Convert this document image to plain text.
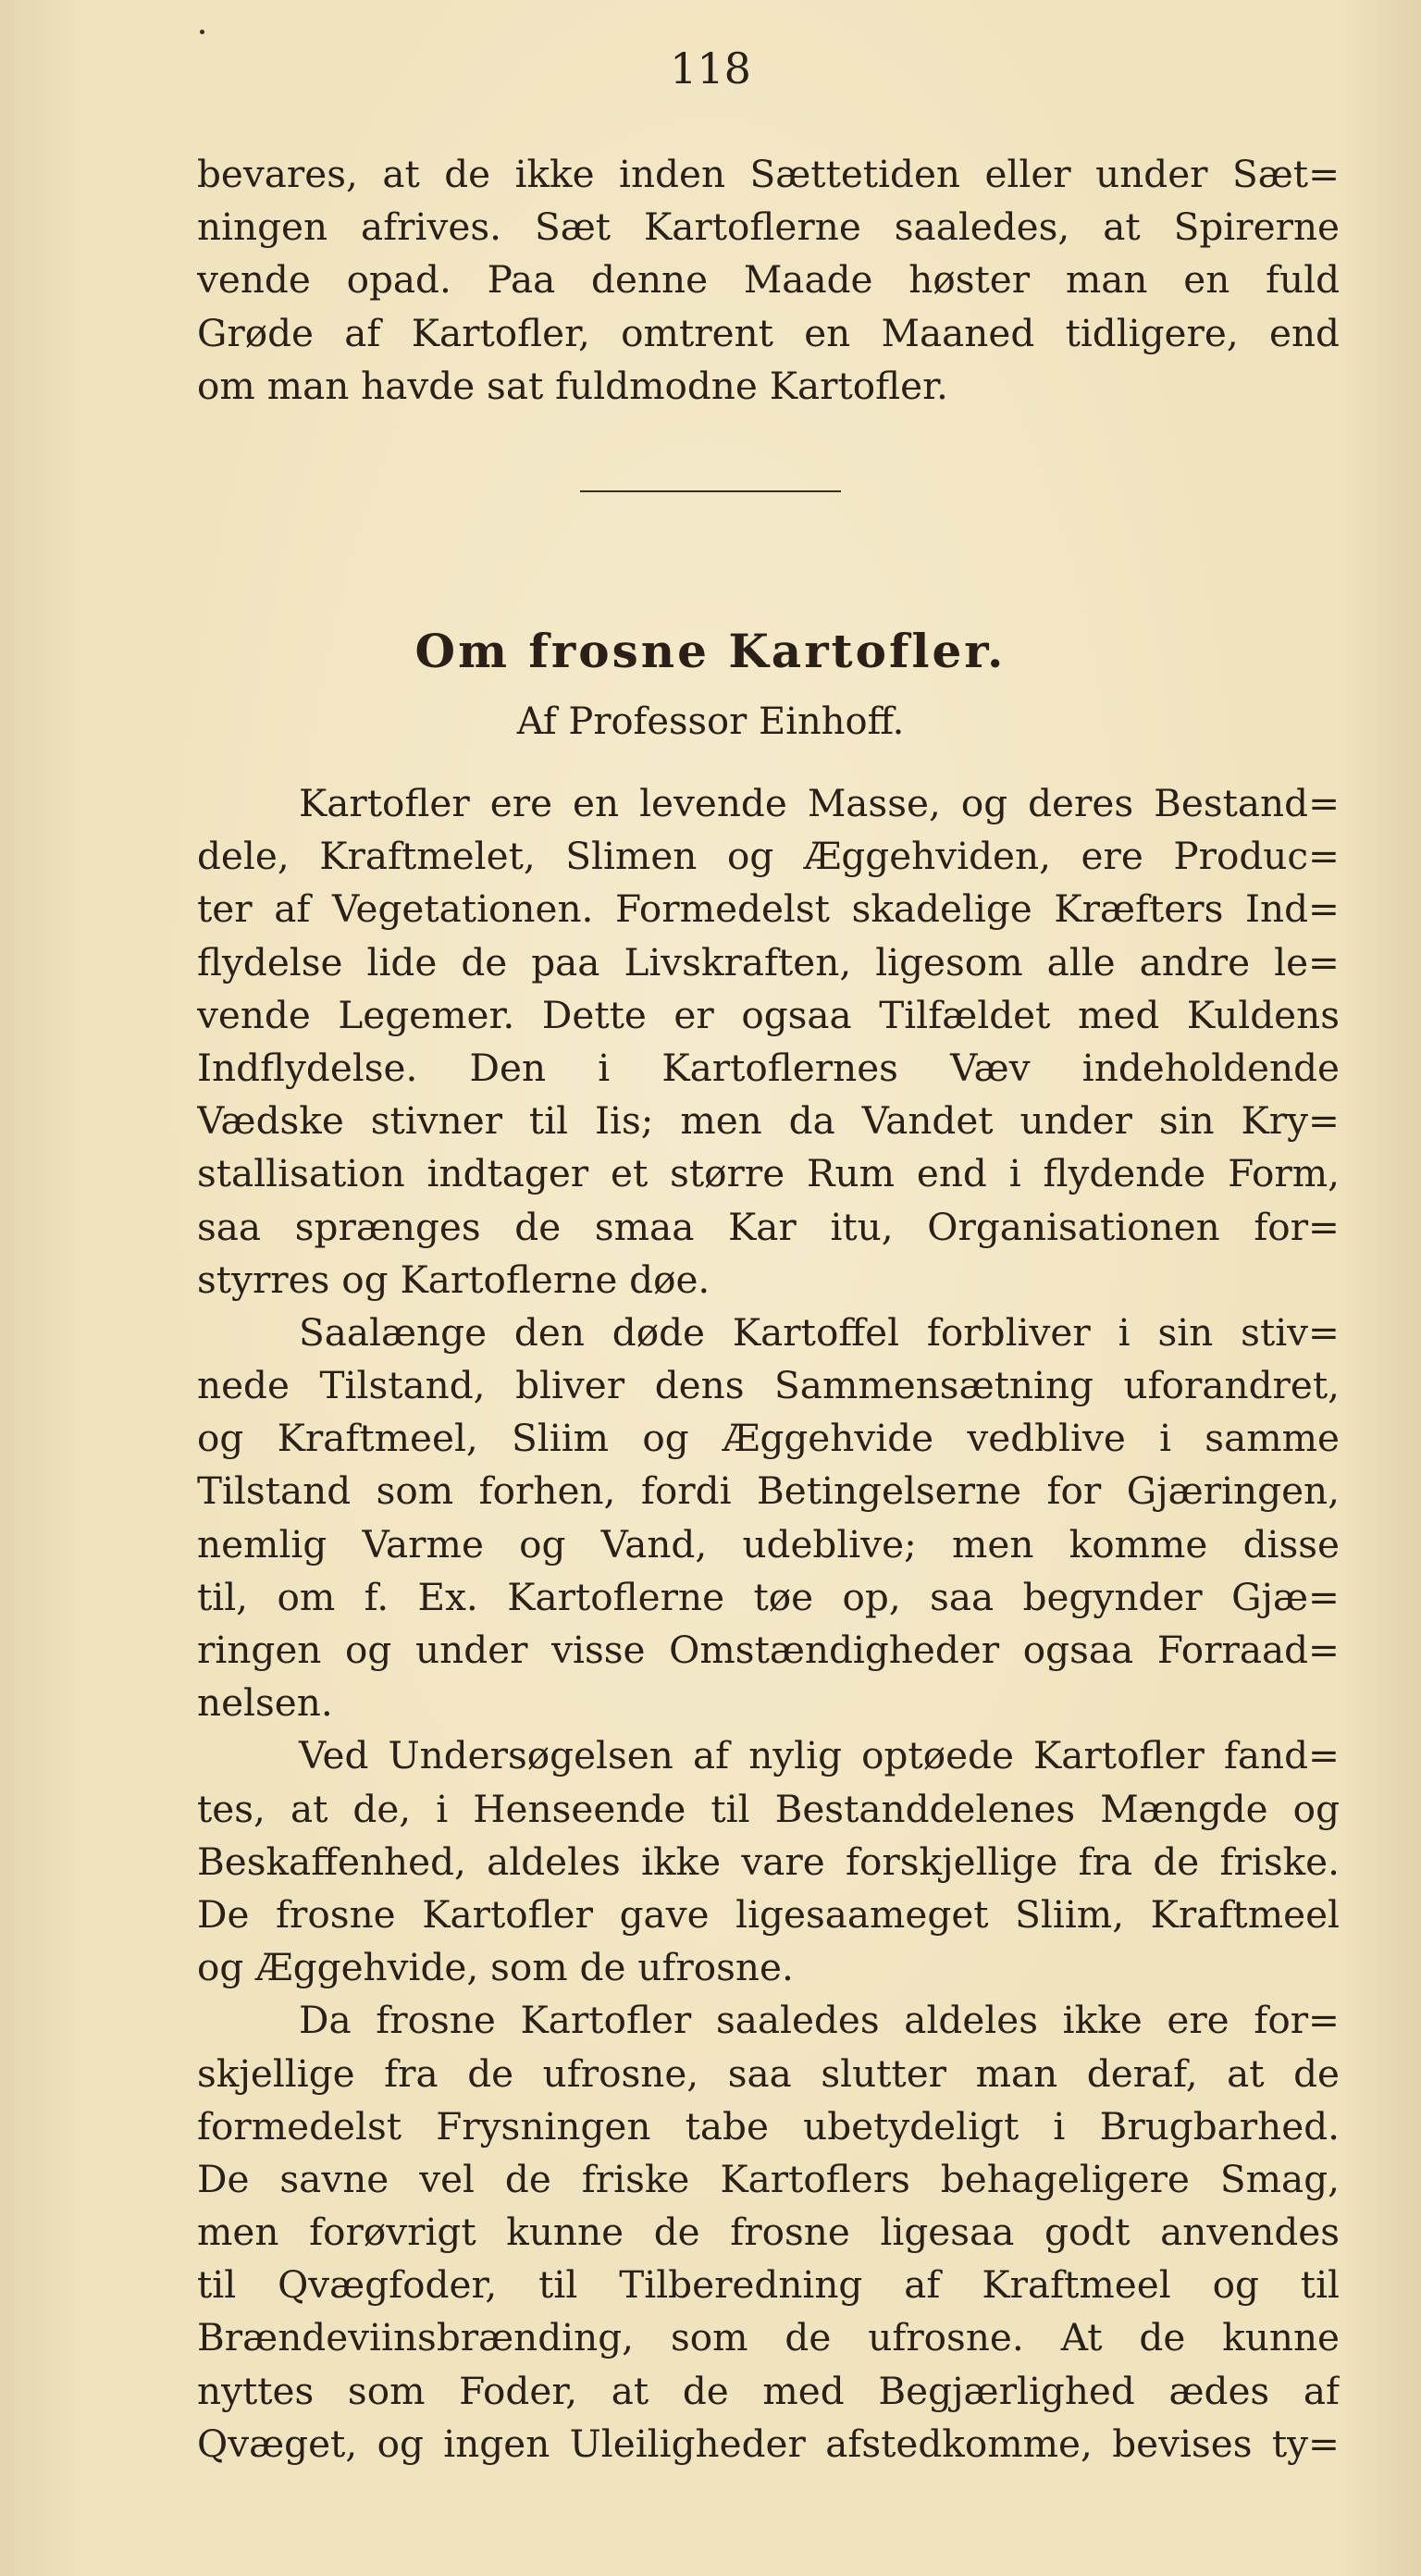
118
bevares, at de ikke inden Sættetiden eller under Sæt=
ningen afrives. Sæt Kartoflerne saaledes, at Spirerne
vende opad. Paa denne Maade høster man en fuld
Grøde af Kartofler, omtrent en Maaned tidligere, end
om man havde sat fuldmodne Kartofler.
Om frosne Kartofler.
Af Professor Einhoff.
Kartofler ere en levende Masse, og deres Bestand=
dele, Kraftmelet, Slimen og Æggehviden, ere Produc=
ter af Vegetationen. Formedelst skadelige Kræfters Ind=
flydelse lide de paa Livskraften, ligesom alle andre le=
vende Legemer. Dette er ogsaa Tilfældet med Kuldens
Indflydelse. Den i Kartoflernes Væv indeholdende
Vædske stivner til Iis; men da Vandet under sin Kry=
stallisation indtager et større Rum end i flydende Form,
saa sprænges de smaa Kar itu, Organisationen for=
styrres og Kartoflerne døe.
Saalænge den døde Kartoffel forbliver i sin stiv=
nede Tilstand, bliver dens Sammensætning uforandret,
og Kraftmeel, Sliim og Æggehvide vedblive i samme
Tilstand som forhen, fordi Betingelserne for Gjæringen,
nemlig Varme og Vand, udeblive; men komme disse
til, om f. Ex. Kartoflerne tøe op, saa begynder Gjæ=
ringen og under visse Omstændigheder ogsaa Forraad=
nelsen.
Ved Undersøgelsen af nylig optøede Kartofler fand=
tes, at de, i Henseende til Bestanddelenes Mængde og
Beskaffenhed, aldeles ikke vare forskjellige fra de friske.
De frosne Kartofler gave ligesaameget Sliim, Kraftmeel
og Æggehvide, som de ufrosne.
Da frosne Kartofler saaledes aldeles ikke ere for=
skjellige fra de ufrosne, saa slutter man deraf, at de
formedelst Frysningen tabe ubetydeligt i Brugbarhed.
De savne vel de friske Kartoflers behageligere Smag,
men forøvrigt kunne de frosne ligesaa godt anvendes
til Qvægfoder, til Tilberedning af Kraftmeel og til
Brændeviinsbrænding, som de ufrosne. At de kunne
nyttes som Foder, at de med Begjærlighed ædes af
Qvæget, og ingen Uleiligheder afstedkomme, bevises ty=
